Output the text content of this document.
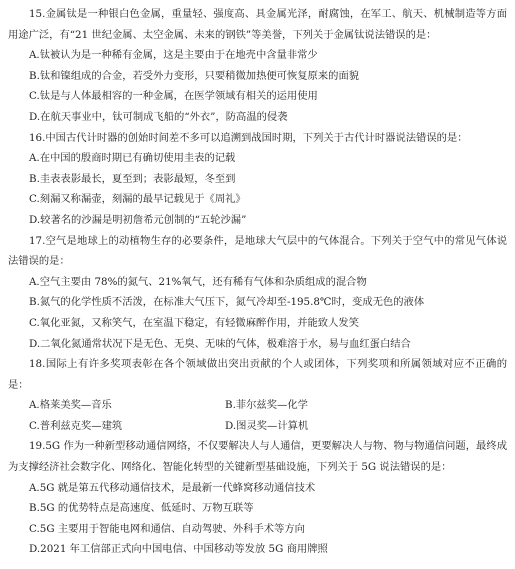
15.金属钛是一种银白色金属，重量轻、强度高、具金属光泽，耐腐蚀，在军工、航天、机械制造等方面用途广泛，有“21 世纪金属、太空金属、未来的钢铁”等美誉，下列关于金属钛说法错误的是：

A.钛被认为是一种稀有金属，这是主要由于在地壳中含量非常少

B.钛和镍组成的合金，若受外力变形，只要稍微加热便可恢复原来的面貌

C.钛是与人体最相容的一种金属，在医学领域有相关的运用使用

D.在航天事业中，钛可制成飞船的“外衣”，防高温的侵袭

16.中国古代计时器的创始时间差不多可以追溯到战国时期，下列关于古代计时器说法错误的是：

A.在中国的殷商时期已有确切使用圭表的记载

B.圭表表影最长，夏至到；表影最短，冬至到

C.刻漏又称漏壶，刻漏的最早记载见于《周礼》

D.较著名的沙漏是明初詹希元创制的“五轮沙漏”

17.空气是地球上的动植物生存的必要条件，是地球大气层中的气体混合。下列关于空气中的常见气体说法错误的是：

A.空气主要由 78%的氮气、21%氧气，还有稀有气体和杂质组成的混合物

B.氮气的化学性质不活泼，在标准大气压下，氮气冷却至-195.8℃时，变成无色的液体

C.氧化亚氮，又称笑气，在室温下稳定，有轻微麻醉作用，并能致人发笑

D.二氧化氮通常状况下是无色、无臭、无味的气体，极难溶于水，易与血红蛋白结合

18.国际上有许多奖项表彰在各个领域做出突出贡献的个人或团体，下列奖项和所属领域对应不正确的是：

A.格莱美奖—音乐	B.菲尔兹奖—化学
C.普利兹克奖—建筑	D.图灵奖—计算机

19.5G 作为一种新型移动通信网络，不仅要解决人与人通信，更要解决人与物、物与物通信问题，最终成为支撑经济社会数字化、网络化、智能化转型的关键新型基础设施，下列关于 5G 说法错误的是：

A.5G 就是第五代移动通信技术，是最新一代蜂窝移动通信技术

B.5G 的优势特点是高速度、低延时、万物互联等

C.5G 主要用于智能电网和通信、自动驾驶、外科手术等方向

D.2021 年工信部正式向中国电信、中国移动等发放 5G 商用牌照
